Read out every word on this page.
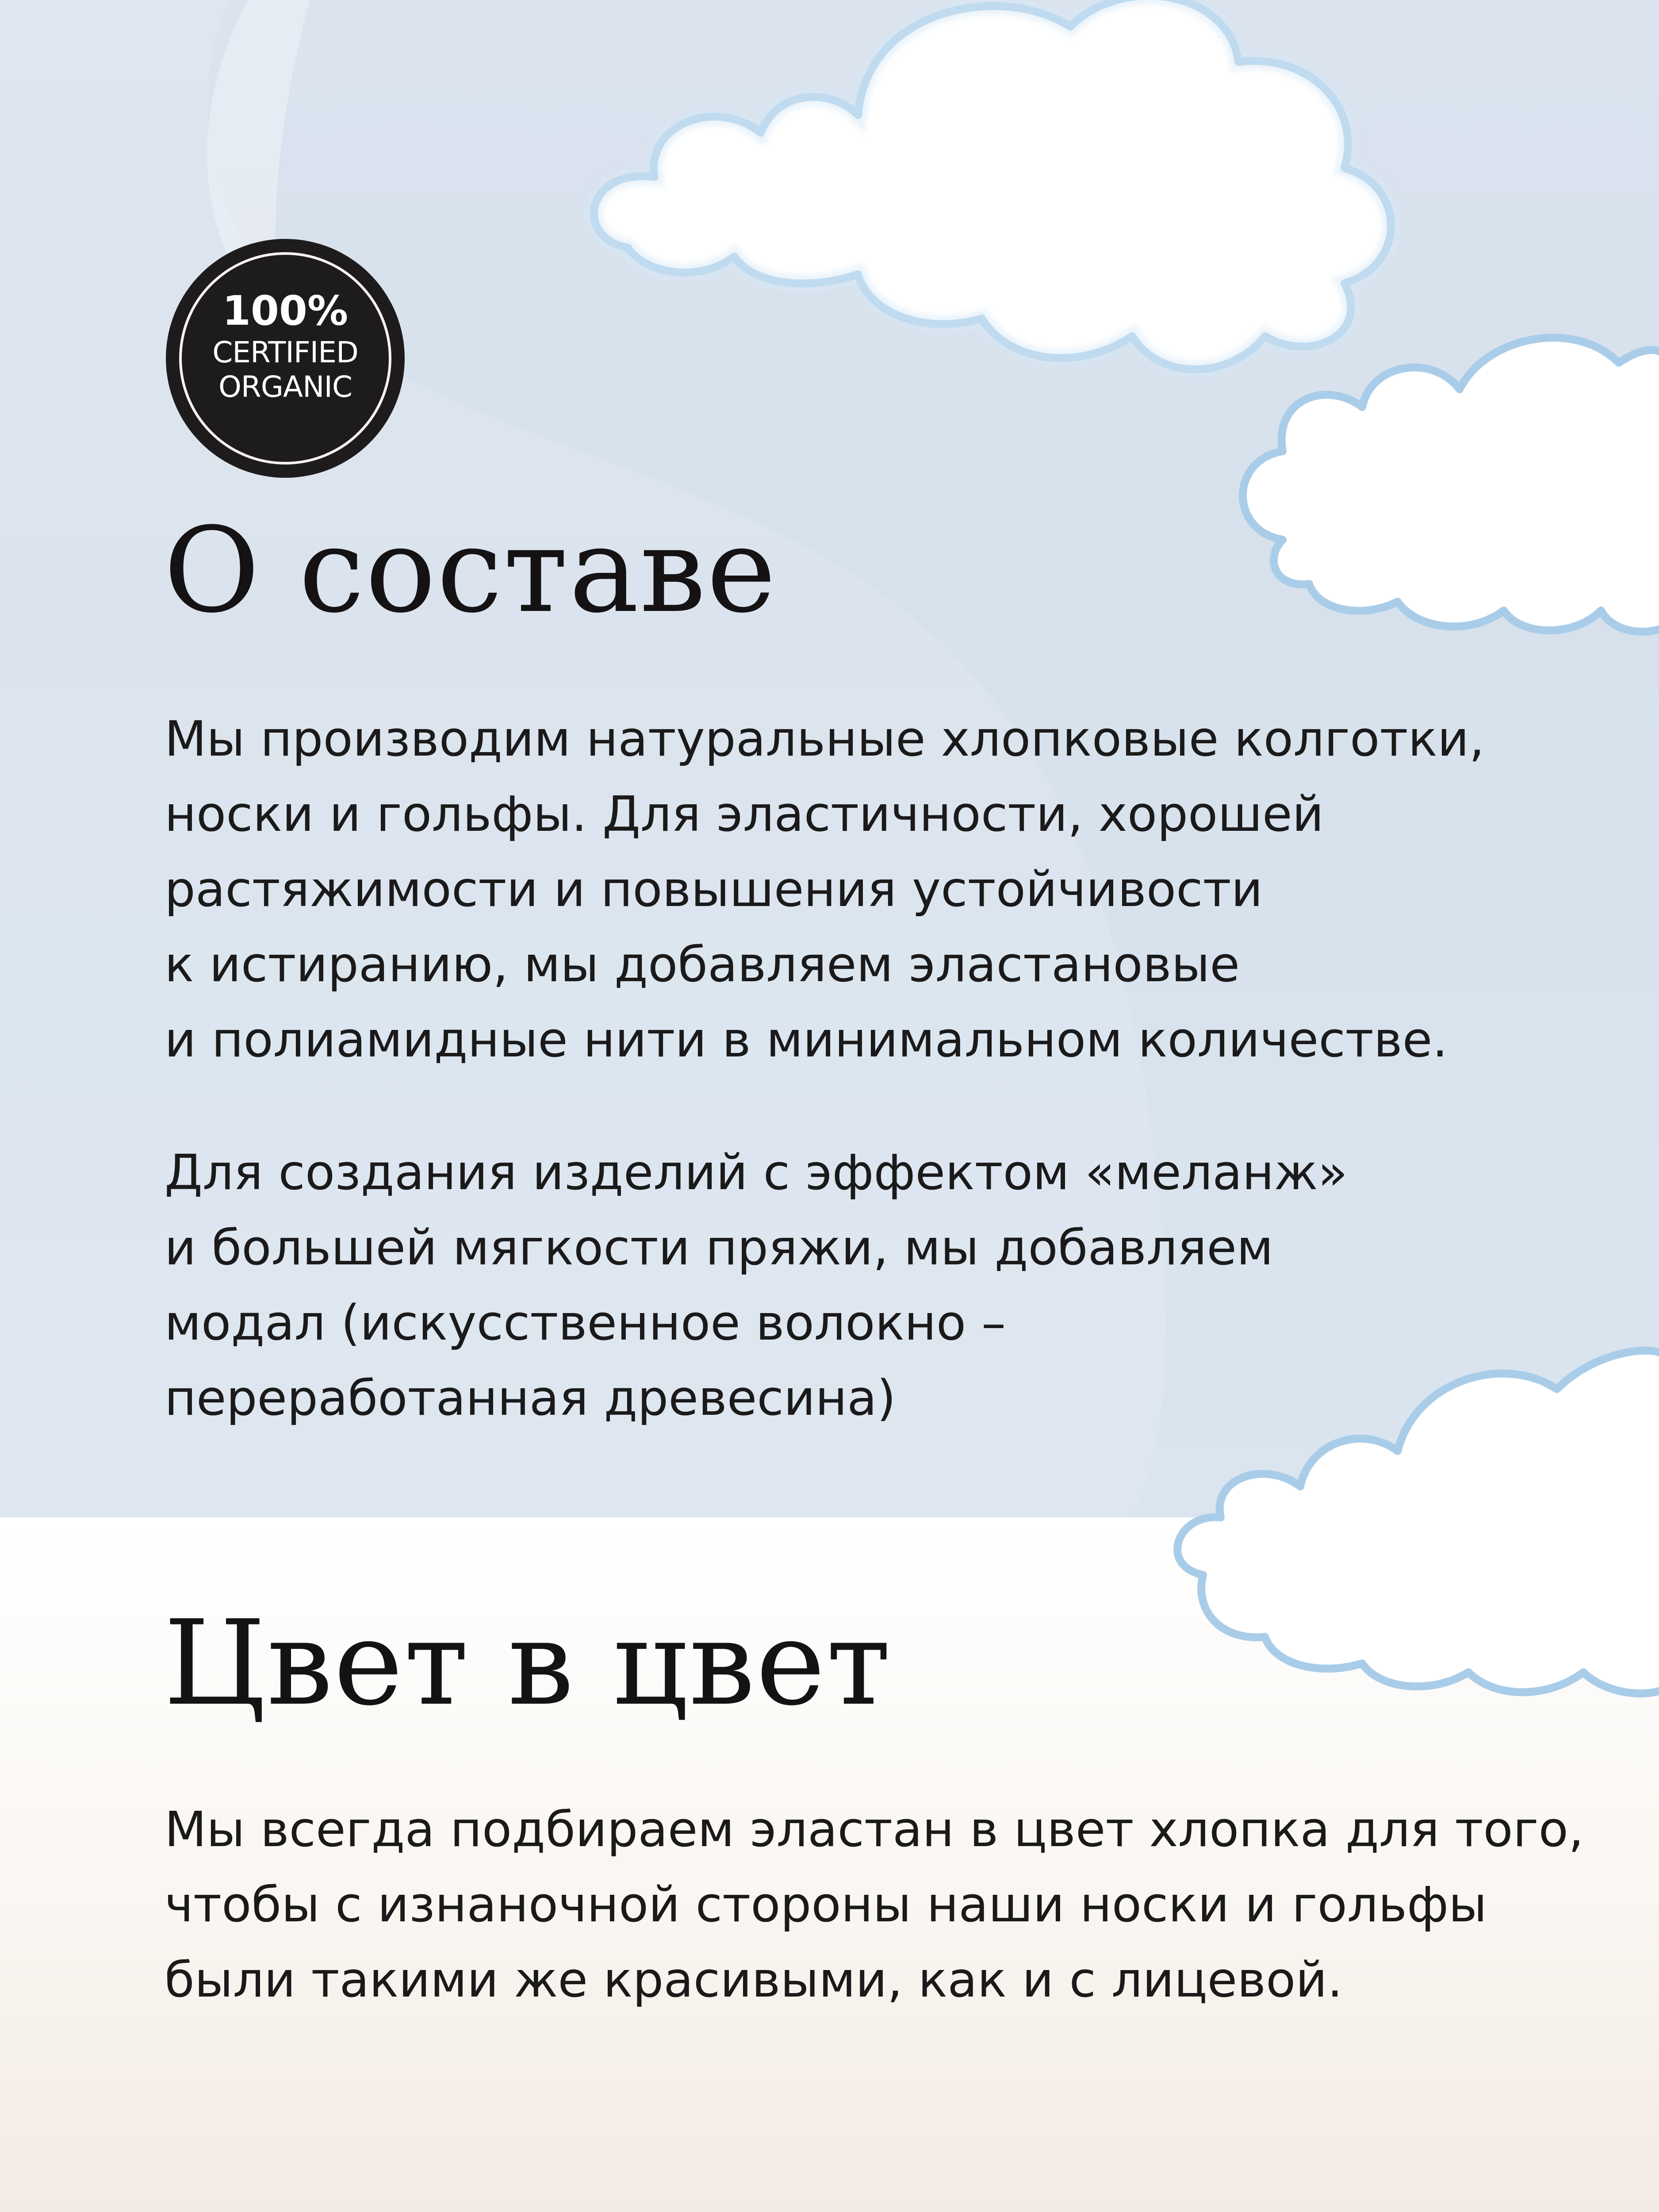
100%
CERTIFIED
ORGANIC
О составе

Мы производим натуральные хлопковые колготки,
носки и гольфы. Для эластичности, хорошей
растяжимости и повышения устойчивости
к истиранию, мы добавляем эластановые
и полиамидные нити в минимальном количестве.

Для создания изделий с эффектом «меланж»
и большей мягкости пряжи, мы добавляем
модал (искусственное волокно –
переработанная древесина)

Цвет в цвет

Мы всегда подбираем эластан в цвет хлопка для того,
чтобы с изнаночной стороны наши носки и гольфы
были такими же красивыми, как и с лицевой.
